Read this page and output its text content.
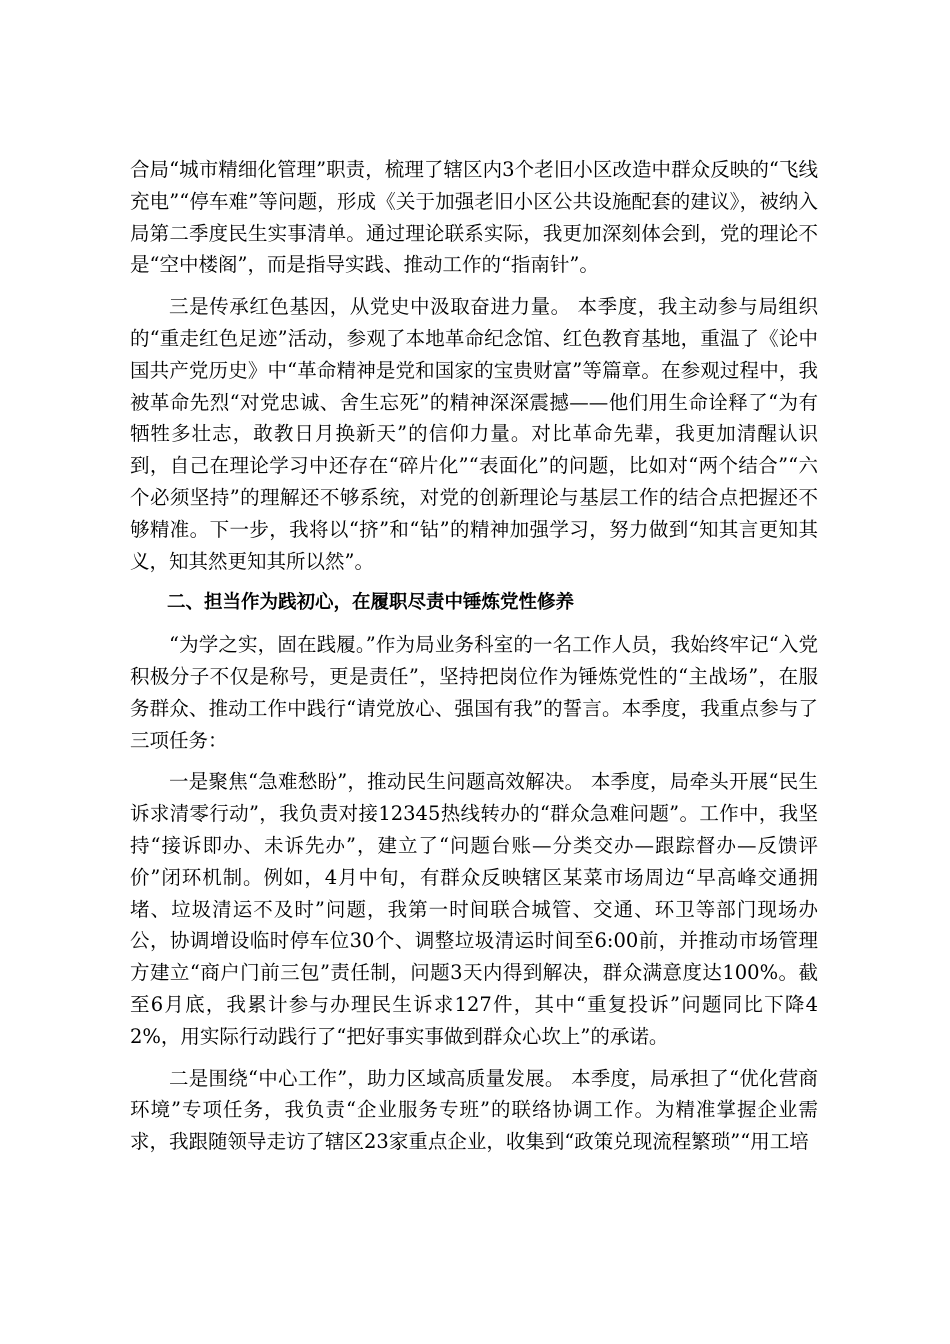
合局“城市精细化管理”职责，梳理了辖区内3个老旧小区改造中群众反映的“飞线充电”“停车难”等问题，形成《关于加强老旧小区公共设施配套的建议》，被纳入局第二季度民生实事清单。通过理论联系实际，我更加深刻体会到，党的理论不是“空中楼阁”，而是指导实践、推动工作的“指南针”。

三是传承红色基因，从党史中汲取奋进力量。 本季度，我主动参与局组织的“重走红色足迹”活动，参观了本地革命纪念馆、红色教育基地，重温了《论中国共产党历史》中“革命精神是党和国家的宝贵财富”等篇章。在参观过程中，我被革命先烈“对党忠诚、舍生忘死”的精神深深震撼——他们用生命诠释了“为有牺牲多壮志，敢教日月换新天”的信仰力量。对比革命先辈，我更加清醒认识到，自己在理论学习中还存在“碎片化”“表面化”的问题，比如对“两个结合”“六个必须坚持”的理解还不够系统，对党的创新理论与基层工作的结合点把握还不够精准。下一步，我将以“挤”和“钻”的精神加强学习，努力做到“知其言更知其义，知其然更知其所以然”。

二、担当作为践初心，在履职尽责中锤炼党性修养

“为学之实，固在践履。”作为局业务科室的一名工作人员，我始终牢记“入党积极分子不仅是称号，更是责任”，坚持把岗位作为锤炼党性的“主战场”，在服务群众、推动工作中践行“请党放心、强国有我”的誓言。本季度，我重点参与了三项任务：

一是聚焦“急难愁盼”，推动民生问题高效解决。 本季度，局牵头开展“民生诉求清零行动”，我负责对接12345热线转办的“群众急难问题”。工作中，我坚持“接诉即办、未诉先办”，建立了“问题台账—分类交办—跟踪督办—反馈评价”闭环机制。例如，4月中旬，有群众反映辖区某菜市场周边“早高峰交通拥堵、垃圾清运不及时”问题，我第一时间联合城管、交通、环卫等部门现场办公，协调增设临时停车位30个、调整垃圾清运时间至6:00前，并推动市场管理方建立“商户门前三包”责任制，问题3天内得到解决，群众满意度达100%。截至6月底，我累计参与办理民生诉求127件，其中“重复投诉”问题同比下降42%，用实际行动践行了“把好事实事做到群众心坎上”的承诺。

二是围绕“中心工作”，助力区域高质量发展。 本季度，局承担了“优化营商环境”专项任务，我负责“企业服务专班”的联络协调工作。为精准掌握企业需求，我跟随领导走访了辖区23家重点企业，收集到“政策兑现流程繁琐”“用工培
